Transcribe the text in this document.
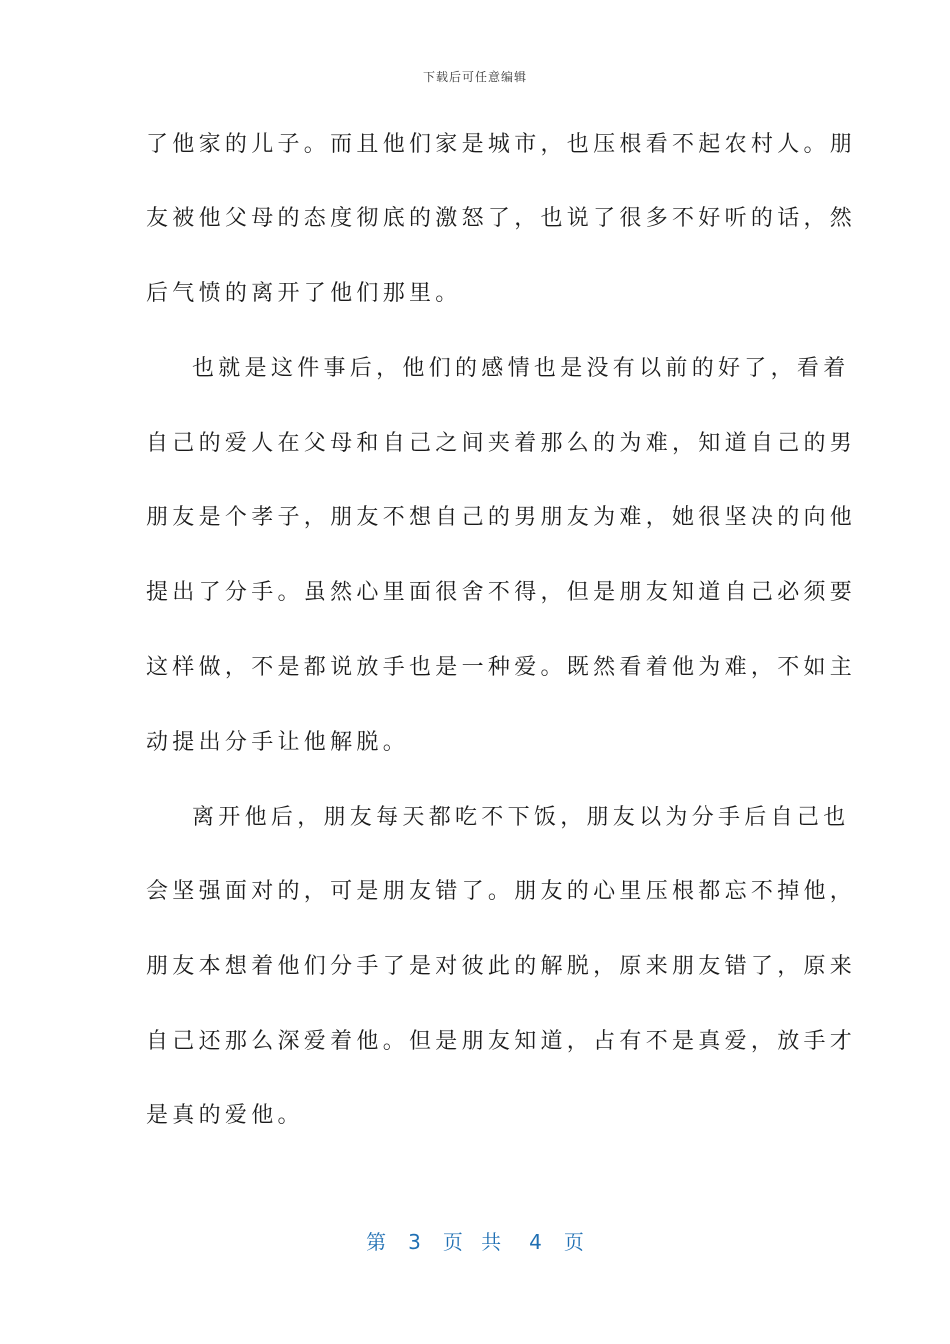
下载后可任意编辑
了他家的儿子。而且他们家是城市，也压根看不起农村人。朋
友被他父母的态度彻底的激怒了，也说了很多不好听的话，然
后气愤的离开了他们那里。
也就是这件事后，他们的感情也是没有以前的好了，看着
自己的爱人在父母和自己之间夹着那么的为难，知道自己的男
朋友是个孝子，朋友不想自己的男朋友为难，她很坚决的向他
提出了分手。虽然心里面很舍不得，但是朋友知道自己必须要
这样做，不是都说放手也是一种爱。既然看着他为难，不如主
动提出分手让他解脱。
离开他后，朋友每天都吃不下饭，朋友以为分手后自己也
会坚强面对的，可是朋友错了。朋友的心里压根都忘不掉他，
朋友本想着他们分手了是对彼此的解脱，原来朋友错了，原来
自己还那么深爱着他。但是朋友知道，占有不是真爱，放手才
是真的爱他。
第 3 页 共 4 页
